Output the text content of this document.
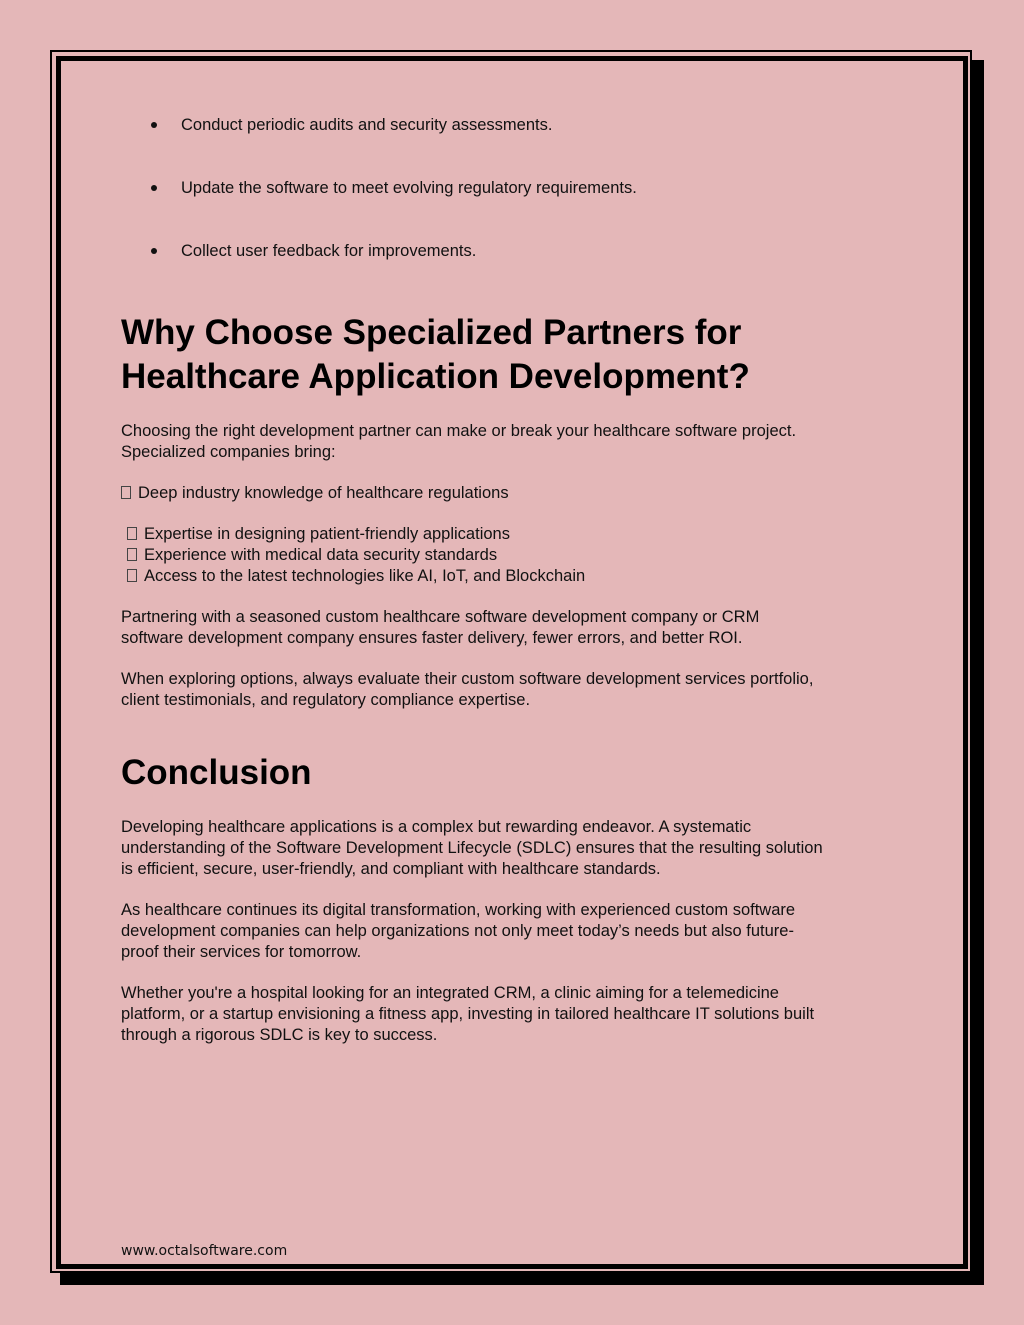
Conduct periodic audits and security assessments.
Update the software to meet evolving regulatory requirements.
Collect user feedback for improvements.
Why Choose Specialized Partners for
Healthcare Application Development?

Choosing the right development partner can make or break your healthcare software project.
Specialized companies bring:

Deep industry knowledge of healthcare regulations
Expertise in designing patient-friendly applications
Experience with medical data security standards
Access to the latest technologies like AI, IoT, and Blockchain

Partnering with a seasoned custom healthcare software development company or CRM
software development company ensures faster delivery, fewer errors, and better ROI.

When exploring options, always evaluate their custom software development services portfolio,
client testimonials, and regulatory compliance expertise.

Conclusion

Developing healthcare applications is a complex but rewarding endeavor. A systematic
understanding of the Software Development Lifecycle (SDLC) ensures that the resulting solution
is efficient, secure, user-friendly, and compliant with healthcare standards.

As healthcare continues its digital transformation, working with experienced custom software
development companies can help organizations not only meet today’s needs but also future-
proof their services for tomorrow.

Whether you're a hospital looking for an integrated CRM, a clinic aiming for a telemedicine
platform, or a startup envisioning a fitness app, investing in tailored healthcare IT solutions built
through a rigorous SDLC is key to success.

www.octalsoftware.com
